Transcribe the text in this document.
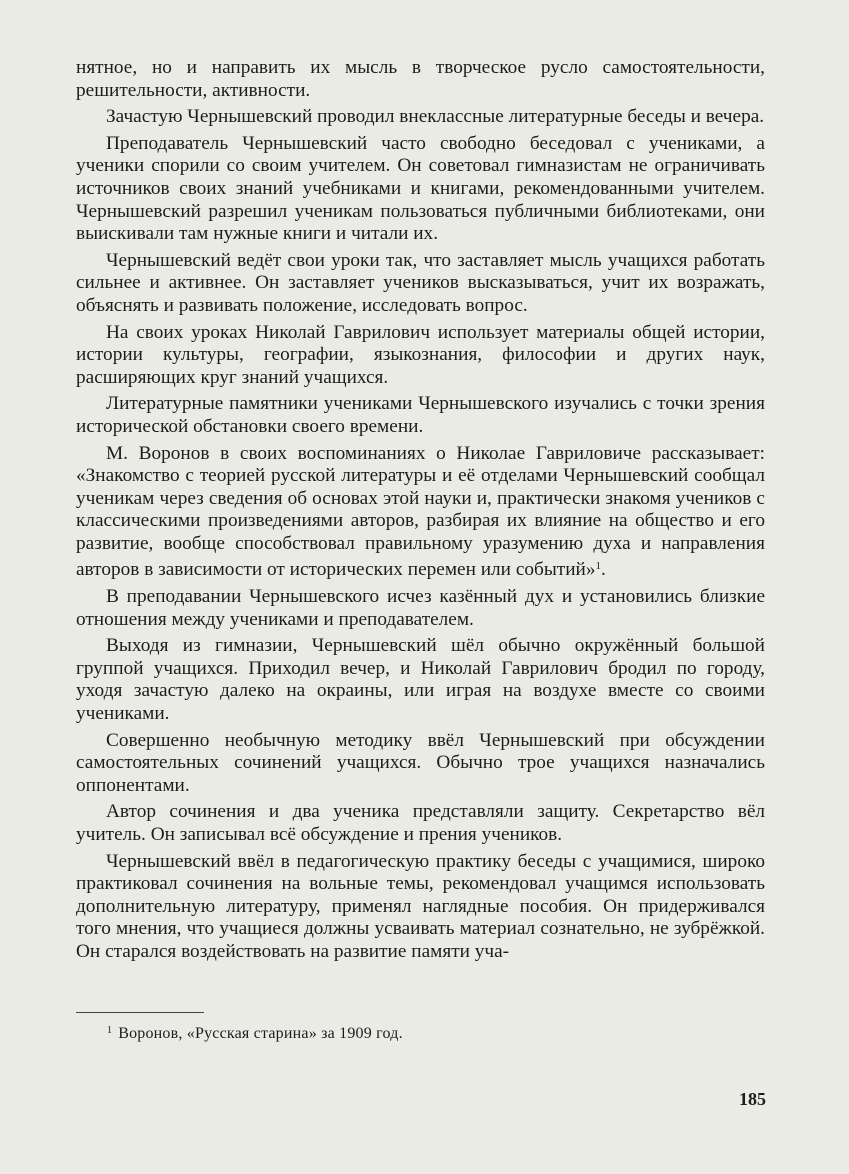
нятное, но и направить их мысль в творческое русло самостоятельности, решительности, активности.

Зачастую Чернышевский проводил внеклассные литературные беседы и вечера.

Преподаватель Чернышевский часто свободно беседовал с учениками, а ученики спорили со своим учителем. Он советовал гимназистам не ограничивать источников своих знаний учебниками и книгами, рекомендованными учителем. Чернышевский разрешил ученикам пользоваться публичными библиотеками, они выискивали там нужные книги и читали их.

Чернышевский ведёт свои уроки так, что заставляет мысль учащихся работать сильнее и активнее. Он заставляет учеников высказываться, учит их возражать, объяснять и развивать положение, исследовать вопрос.

На своих уроках Николай Гаврилович использует материалы общей истории, истории культуры, географии, языкознания, философии и других наук, расширяющих круг знаний учащихся.

Литературные памятники учениками Чернышевского изучались с точки зрения исторической обстановки своего времени.

М. Воронов в своих воспоминаниях о Николае Гавриловиче рассказывает: «Знакомство с теорией русской литературы и её отделами Чернышевский сообщал ученикам через сведения об основах этой науки и, практически знакомя учеников с классическими произведениями авторов, разбирая их влияние на общество и его развитие, вообще способствовал правильному уразумению духа и направления авторов в зависимости от исторических перемен или событий»$^1$.

В преподавании Чернышевского исчез казённый дух и установились близкие отношения между учениками и преподавателем.

Выходя из гимназии, Чернышевский шёл обычно окружённый большой группой учащихся. Приходил вечер, и Николай Гаврилович бродил по городу, уходя зачастую далеко на окраины, или играя на воздухе вместе со своими учениками.

Совершенно необычную методику ввёл Чернышевский при обсуждении самостоятельных сочинений учащихся. Обычно трое учащихся назначались оппонентами.

Автор сочинения и два ученика представляли защиту. Секретарство вёл учитель. Он записывал всё обсуждение и прения учеников.

Чернышевский ввёл в педагогическую практику беседы с учащимися, широко практиковал сочинения на вольные темы, рекомендовал учащимся использовать дополнительную литературу, применял наглядные пособия. Он придерживался того мнения, что учащиеся должны усваивать материал сознательно, не зубрёжкой. Он старался воздействовать на развитие памяти уча-

$^1$ Воронов, «Русская старина» за 1909 год.
185
